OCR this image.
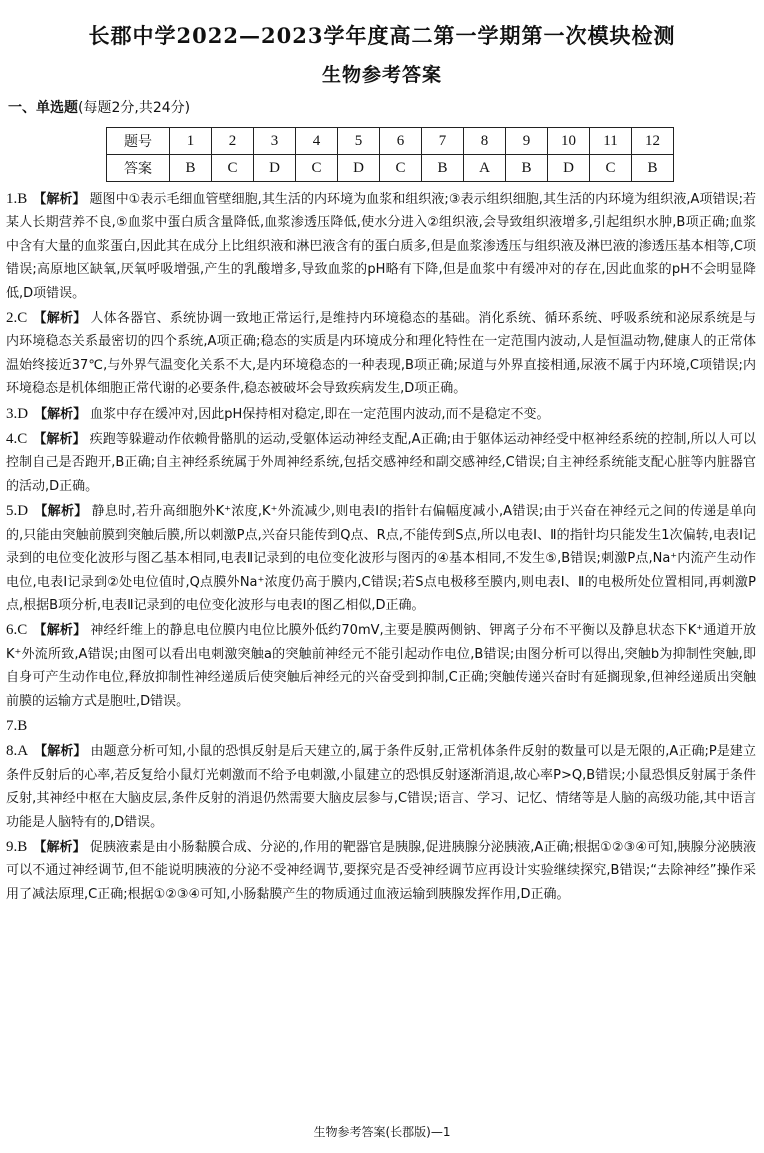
长郡中学2022—2023学年度高二第一学期第一次模块检测
生物参考答案
一、单选题(每题2分,共24分)
题号	1	2	3	4	5	6	7	8	9	10	11	12
答案	B	C	D	C	D	C	B	A	B	D	C	B
1.B 【解析】 题图中①表示毛细血管壁细胞,其生活的内环境为血浆和组织液;③表示组织细胞,其生活的内环境为组织液,A项错误;若某人长期营养不良,⑤血浆中蛋白质含量降低,血浆渗透压降低,使水分进入②组织液,会导致组织液增多,引起组织水肿,B项正确;血浆中含有大量的血浆蛋白,因此其在成分上比组织液和淋巴液含有的蛋白质多,但是血浆渗透压与组织液及淋巴液的渗透压基本相等,C项错误;高原地区缺氧,厌氧呼吸增强,产生的乳酸增多,导致血浆的pH略有下降,但是血浆中有缓冲对的存在,因此血浆的pH不会明显降低,D项错误。
2.C 【解析】 人体各器官、系统协调一致地正常运行,是维持内环境稳态的基础。消化系统、循环系统、呼吸系统和泌尿系统是与内环境稳态关系最密切的四个系统,A项正确;稳态的实质是内环境成分和理化特性在一定范围内波动,人是恒温动物,健康人的正常体温始终接近37℃,与外界气温变化关系不大,是内环境稳态的一种表现,B项正确;尿道与外界直接相通,尿液不属于内环境,C项错误;内环境稳态是机体细胞正常代谢的必要条件,稳态被破坏会导致疾病发生,D项正确。
3.D 【解析】 血浆中存在缓冲对,因此pH保持相对稳定,即在一定范围内波动,而不是稳定不变。
4.C 【解析】 疾跑等躲避动作依赖骨骼肌的运动,受躯体运动神经支配,A正确;由于躯体运动神经受中枢神经系统的控制,所以人可以控制自己是否跑开,B正确;自主神经系统属于外周神经系统,包括交感神经和副交感神经,C错误;自主神经系统能支配心脏等内脏器官的活动,D正确。
5.D 【解析】 静息时,若升高细胞外K⁺浓度,K⁺外流减少,则电表Ⅰ的指针右偏幅度减小,A错误;由于兴奋在神经元之间的传递是单向的,只能由突触前膜到突触后膜,所以刺激P点,兴奋只能传到Q点、R点,不能传到S点,所以电表Ⅰ、Ⅱ的指针均只能发生1次偏转,电表Ⅰ记录到的电位变化波形与图乙基本相同,电表Ⅱ记录到的电位变化波形与图丙的④基本相同,不发生⑤,B错误;刺激P点,Na⁺内流产生动作电位,电表Ⅰ记录到②处电位值时,Q点膜外Na⁺浓度仍高于膜内,C错误;若S点电极移至膜内,则电表Ⅰ、Ⅱ的电极所处位置相同,再刺激P点,根据B项分析,电表Ⅱ记录到的电位变化波形与电表Ⅰ的图乙相似,D正确。
6.C 【解析】 神经纤维上的静息电位膜内电位比膜外低约70mV,主要是膜两侧钠、钾离子分布不平衡以及静息状态下K⁺通道开放K⁺外流所致,A错误;由图可以看出电刺激突触a的突触前神经元不能引起动作电位,B错误;由图分析可以得出,突触b为抑制性突触,即自身可产生动作电位,释放抑制性神经递质后使突触后神经元的兴奋受到抑制,C正确;突触传递兴奋时有延搁现象,但神经递质出突触前膜的运输方式是胞吐,D错误。
7.B
8.A 【解析】 由题意分析可知,小鼠的恐惧反射是后天建立的,属于条件反射,正常机体条件反射的数量可以是无限的,A正确;P是建立条件反射后的心率,若反复给小鼠灯光刺激而不给予电刺激,小鼠建立的恐惧反射逐渐消退,故心率P>Q,B错误;小鼠恐惧反射属于条件反射,其神经中枢在大脑皮层,条件反射的消退仍然需要大脑皮层参与,C错误;语言、学习、记忆、情绪等是人脑的高级功能,其中语言功能是人脑特有的,D错误。
9.B 【解析】 促胰液素是由小肠黏膜合成、分泌的,作用的靶器官是胰腺,促进胰腺分泌胰液,A正确;根据①②③④可知,胰腺分泌胰液可以不通过神经调节,但不能说明胰液的分泌不受神经调节,要探究是否受神经调节应再设计实验继续探究,B错误;“去除神经”操作采用了减法原理,C正确;根据①②③④可知,小肠黏膜产生的物质通过血液运输到胰腺发挥作用,D正确。
生物参考答案(长郡版)—1
